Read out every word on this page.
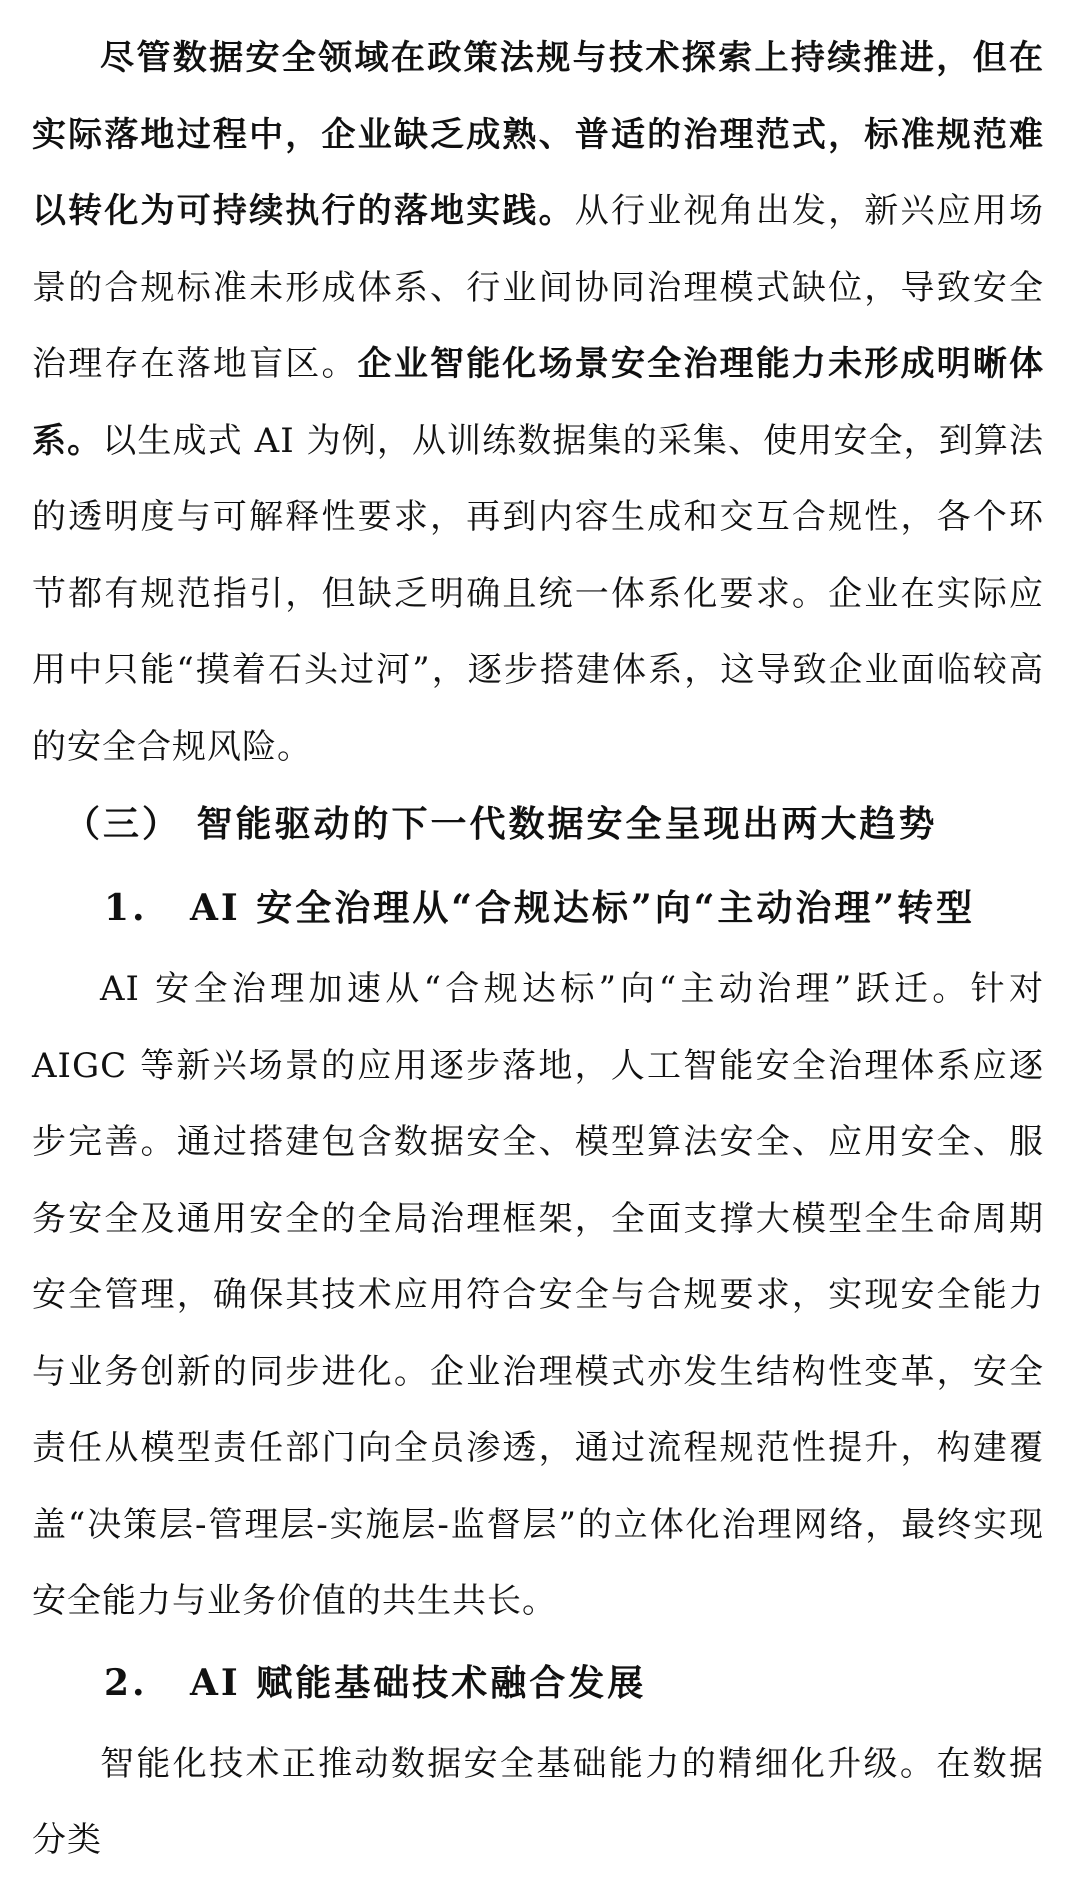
尽管数据安全领域在政策法规与技术探索上持续推进，但在实际落地过程中，企业缺乏成熟、普适的治理范式，标准规范难以转化为可持续执行的落地实践。从行业视角出发，新兴应用场景的合规标准未形成体系、行业间协同治理模式缺位，导致安全治理存在落地盲区。企业智能化场景安全治理能力未形成明晰体系。以生成式 AI 为例，从训练数据集的采集、使用安全，到算法的透明度与可解释性要求，再到内容生成和交互合规性，各个环节都有规范指引，但缺乏明确且统一体系化要求。企业在实际应用中只能“摸着石头过河”，逐步搭建体系，这导致企业面临较高的安全合规风险。

（三） 智能驱动的下一代数据安全呈现出两大趋势
1. AI 安全治理从“合规达标”向“主动治理”转型

AI 安全治理加速从“合规达标”向“主动治理”跃迁。针对 AIGC 等新兴场景的应用逐步落地，人工智能安全治理体系应逐步完善。通过搭建包含数据安全、模型算法安全、应用安全、服务安全及通用安全的全局治理框架，全面支撑大模型全生命周期安全管理，确保其技术应用符合安全与合规要求，实现安全能力与业务创新的同步进化。企业治理模式亦发生结构性变革，安全责任从模型责任部门向全员渗透，通过流程规范性提升，构建覆盖“决策层-管理层-实施层-监督层”的立体化治理网络，最终实现安全能力与业务价值的共生共长。

2. AI 赋能基础技术融合发展

智能化技术正推动数据安全基础能力的精细化升级。在数据分类
